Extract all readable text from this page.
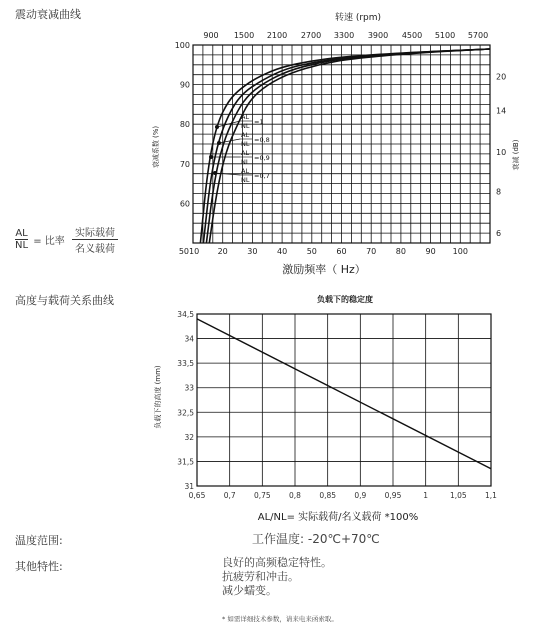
震动衰减曲线
高度与载荷关系曲线
温度范围:
其他特性:
$\frac{AL}{NL}$ = 比率
实际载荷
名义载荷	5010 20 30 40 50 60 70 80 90 100
60
70
80
90
100
6
8
10
14
20
900 1500 2100 2700 3300 3900 4500 5100 5700
AL
NL =1
AL
NL =0,8
AL
NL =0,9
AL
NL =0,7
转速 (rpm)
激励频率（ Hz）
衰减系数 (%)	衰减 (dB)
负载下的稳定度
0,65 0,7 0,75 0,8 0,85 0,9 0,95	1	1,05 1,1
31
31,5
32
32,5
33
33,5
34
34,5
AL/NL= 实际载荷/名义载荷 *100%
负载下的高度 (mm)
工作温度: -20℃+70℃
良好的高频稳定特性。
抗疲劳和冲击。
减少蠕变。
* 如需详细技术参数，请来电来函索取。
